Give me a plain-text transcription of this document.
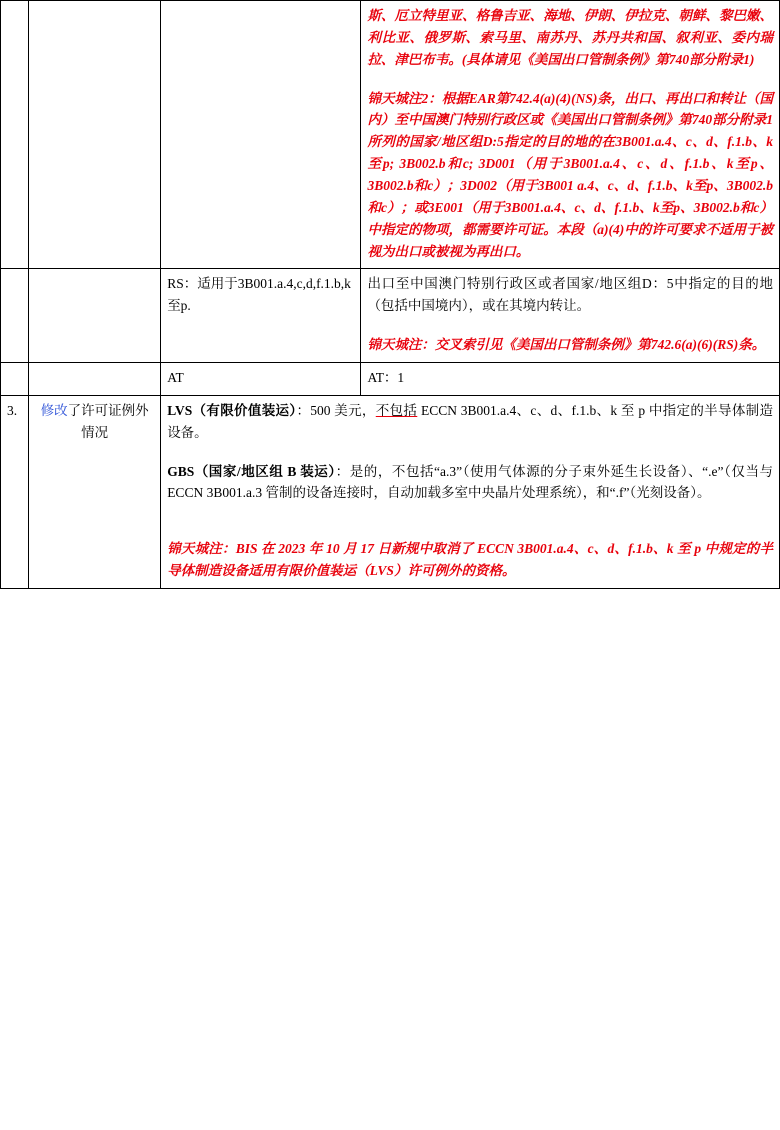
			斯、厄立特里亚、格鲁吉亚、海地、伊朗、伊拉克、朝鲜、黎巴嫩、利比亚、俄罗斯、索马里、南苏丹、苏丹共和国、叙利亚、委内瑞拉、津巴布韦。(具体请见《美国出口管制条例》第740部分附录1)
锦天城注2：根据EAR第742.4(a)(4)(NS)条，出口、再出口和转让（国内）至中国澳门特别行政区或《美国出口管制条例》第740部分附录1所列的国家/地区组D:5指定的目的地的在3B001.a.4、c、d、f.1.b、k至p; 3B002.b和c; 3D001（用于3B001.a.4、c、d、f.1.b、k至p、3B002.b和c）；3D002（用于3B001 a.4、c、d、f.1.b、k至p、3B002.b和c）；或3E001（用于3B001.a.4、c、d、f.1.b、k至p、3B002.b和c）中指定的物项，都需要许可证。本段（a)(4)中的许可要求不适用于被视为出口或被视为再出口。

		RS：适用于3B001.a.4,c,d,f.1.b,k至p.	出口至中国澳门特别行政区或者国家/地区组D：5中指定的目的地（包括中国境内），或在其境内转让。
锦天城注：交叉索引见《美国出口管制条例》第742.6(a)(6)(RS)条。

		AT	AT：1
3.	修改了许可证例外情况	LVS（有限价值装运）：500 美元，不包括 ECCN 3B001.a.4、c、d、f.1.b、k 至 p 中指定的半导体制造设备。
GBS（国家/地区组 B 装运）：是的，不包括“a.3”（使用气体源的分子束外延生长设备）、“.e”（仅当与 ECCN 3B001.a.3 管制的设备连接时，自动加载多室中央晶片处理系统），和“.f”（光刻设备）。
锦天城注：BIS 在 2023 年 10 月 17 日新规中取消了 ECCN 3B001.a.4、c、d、f.1.b、k 至 p 中规定的半导体制造设备适用有限价值装运（LVS）许可例外的资格。	
